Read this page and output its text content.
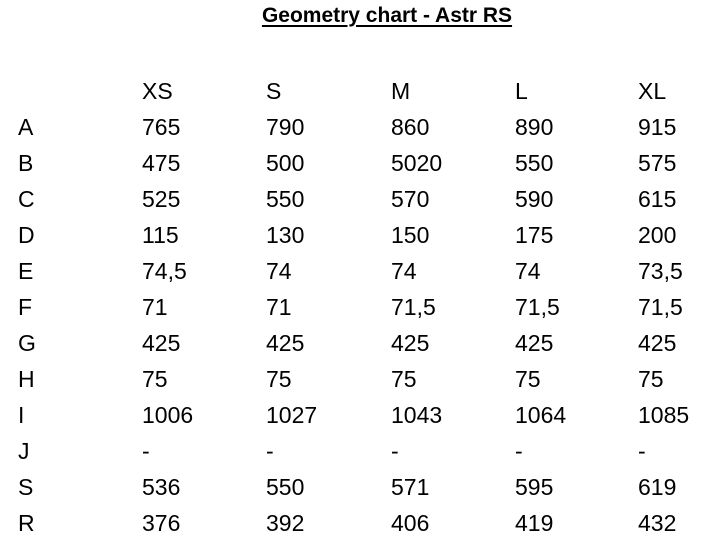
Geometry chart - Astr RS
	XS	S	M	L	XL
A	765	790	860	890	915
B	475	500	5020	550	575
C	525	550	570	590	615
D	115	130	150	175	200
E	74,5	74	74	74	73,5
F	71	71	71,5	71,5	71,5
G	425	425	425	425	425
H	75	75	75	75	75
I	1006	1027	1043	1064	1085
J	-	-	-	-	-
S	536	550	571	595	619
R	376	392	406	419	432
